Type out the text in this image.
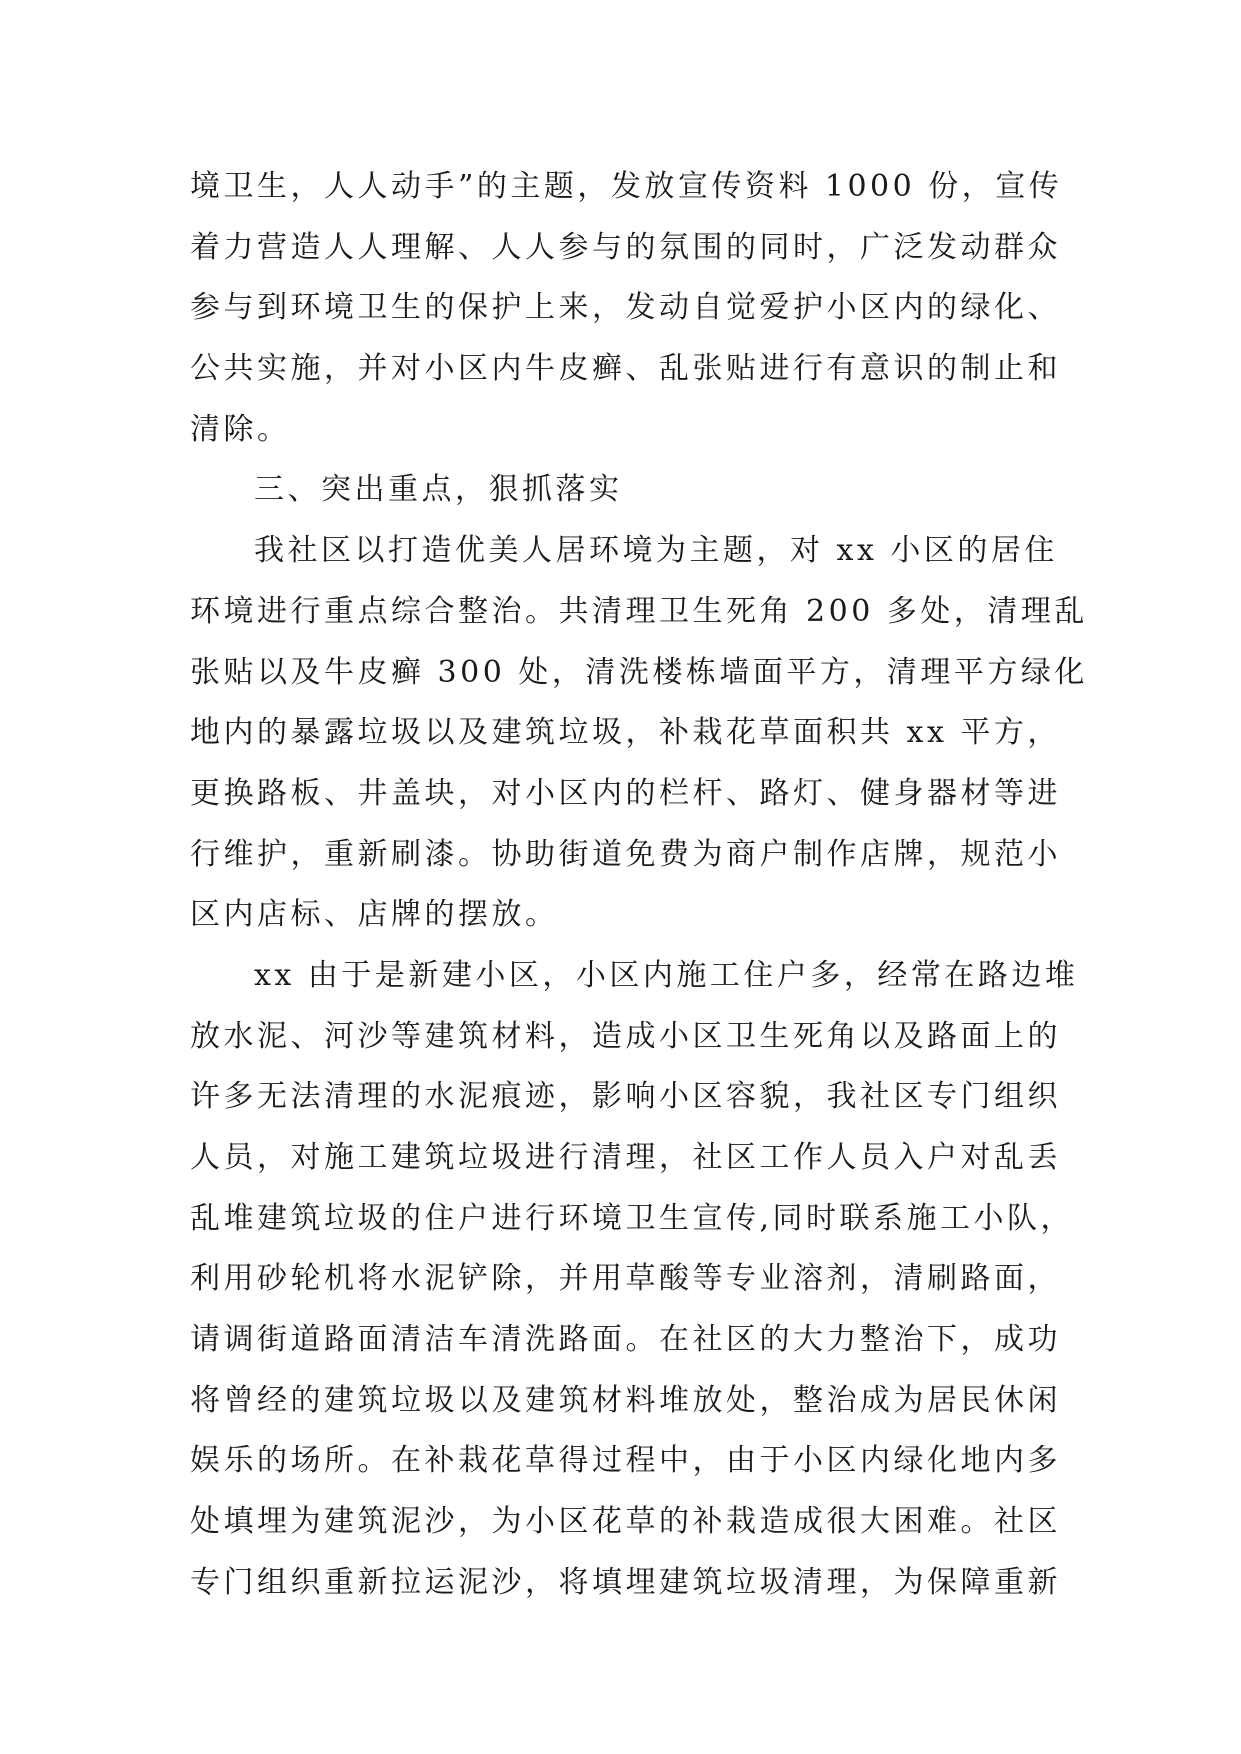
境卫生，人人动手”的主题，发放宣传资料 1000 份，宣传
着力营造人人理解、人人参与的氛围的同时，广泛发动群众
参与到环境卫生的保护上来，发动自觉爱护小区内的绿化、
公共实施，并对小区内牛皮癣、乱张贴进行有意识的制止和
清除。
三、突出重点，狠抓落实
我社区以打造优美人居环境为主题，对 xx 小区的居住
环境进行重点综合整治。共清理卫生死角 200 多处，清理乱
张贴以及牛皮癣 300 处，清洗楼栋墙面平方，清理平方绿化
地内的暴露垃圾以及建筑垃圾，补栽花草面积共 xx 平方，
更换路板、井盖块，对小区内的栏杆、路灯、健身器材等进
行维护，重新刷漆。协助街道免费为商户制作店牌，规范小
区内店标、店牌的摆放。
xx 由于是新建小区，小区内施工住户多，经常在路边堆
放水泥、河沙等建筑材料，造成小区卫生死角以及路面上的
许多无法清理的水泥痕迹，影响小区容貌，我社区专门组织
人员，对施工建筑垃圾进行清理，社区工作人员入户对乱丢
乱堆建筑垃圾的住户进行环境卫生宣传,同时联系施工小队，
利用砂轮机将水泥铲除，并用草酸等专业溶剂，清刷路面，
请调街道路面清洁车清洗路面。在社区的大力整治下，成功
将曾经的建筑垃圾以及建筑材料堆放处，整治成为居民休闲
娱乐的场所。在补栽花草得过程中，由于小区内绿化地内多
处填埋为建筑泥沙，为小区花草的补栽造成很大困难。社区
专门组织重新拉运泥沙，将填埋建筑垃圾清理，为保障重新
